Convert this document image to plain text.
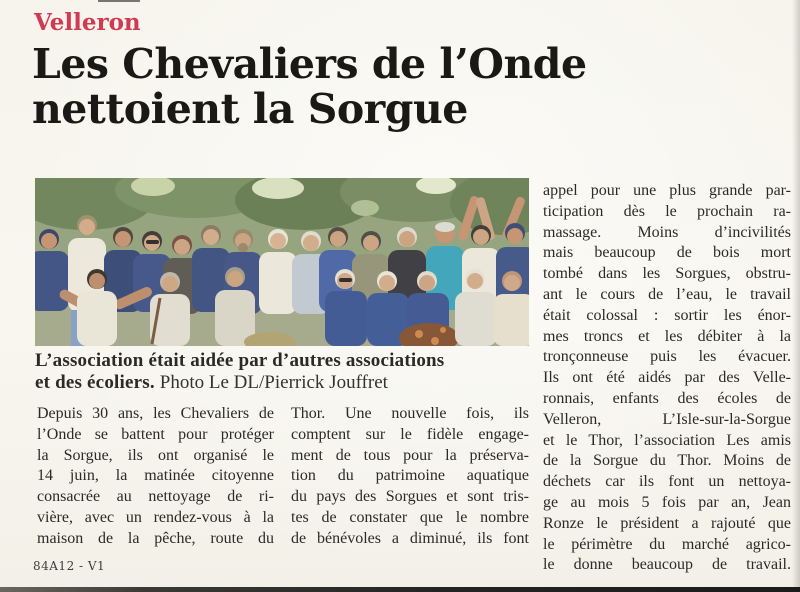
Velleron
Les Chevaliers de l’Onde
nettoient la Sorgue
L’association était aidée par d’autres associations
et des écoliers. Photo Le DL/Pierrick Jouffret
Depuis 30 ans, les Chevaliers de
l’Onde se battent pour protéger
la Sorgue, ils ont organisé le
14 juin, la matinée citoyenne
consacrée au nettoyage de ri-
vière, avec un rendez-vous à la
maison de la pêche, route du
Thor. Une nouvelle fois, ils
comptent sur le fidèle engage-
ment de tous pour la préserva-
tion du patrimoine aquatique
du pays des Sorgues et sont tris-
tes de constater que le nombre
de bénévoles a diminué, ils font
appel pour une plus grande par-
ticipation dès le prochain ra-
massage. Moins d’incivilités
mais beaucoup de bois mort
tombé dans les Sorgues, obstru-
ant le cours de l’eau, le travail
était colossal : sortir les énor-
mes troncs et les débiter à la
tronçonneuse puis les évacuer.
Ils ont été aidés par des Velle-
ronnais, enfants des écoles de
Velleron, L’Isle-sur-la-Sorgue
et le Thor, l’association Les amis
de la Sorgue du Thor. Moins de
déchets car ils font un nettoya-
ge au mois 5 fois par an, Jean
Ronze le président a rajouté que
le périmètre du marché agrico-
le donne beaucoup de travail.
84A12 - V1
